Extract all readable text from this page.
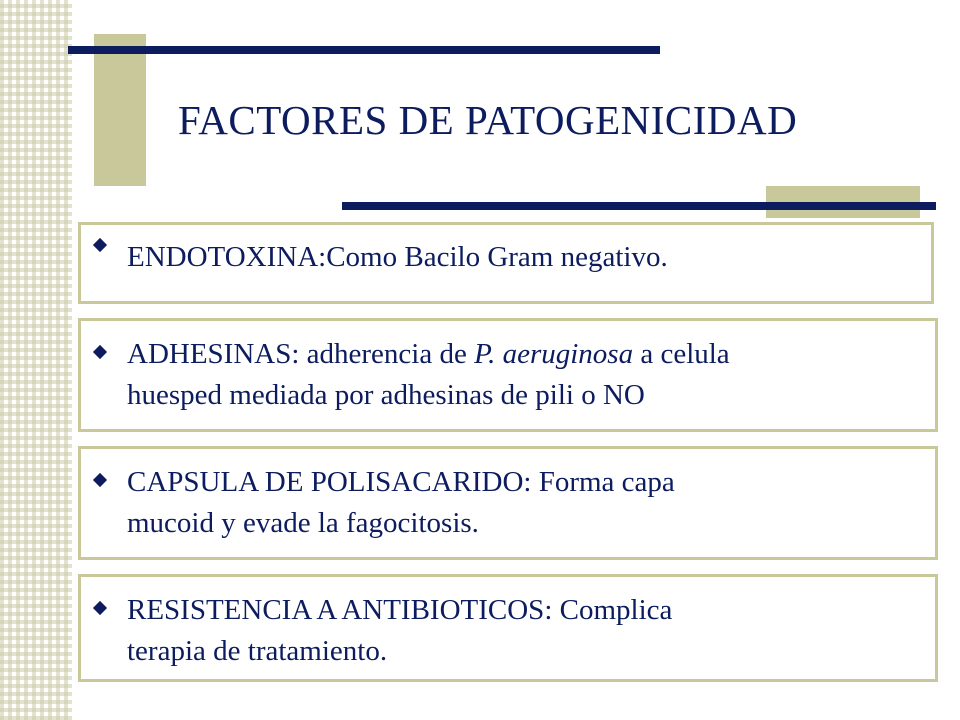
FACTORES DE PATOGENICIDAD
ENDOTOXINA:Como Bacilo Gram negativo.
ADHESINAS: adherencia de P. aeruginosa a celula
huesped mediada por adhesinas de pili o NO
CAPSULA DE POLISACARIDO: Forma capa
mucoid y evade la fagocitosis.
RESISTENCIA A ANTIBIOTICOS: Complica
terapia de tratamiento.
